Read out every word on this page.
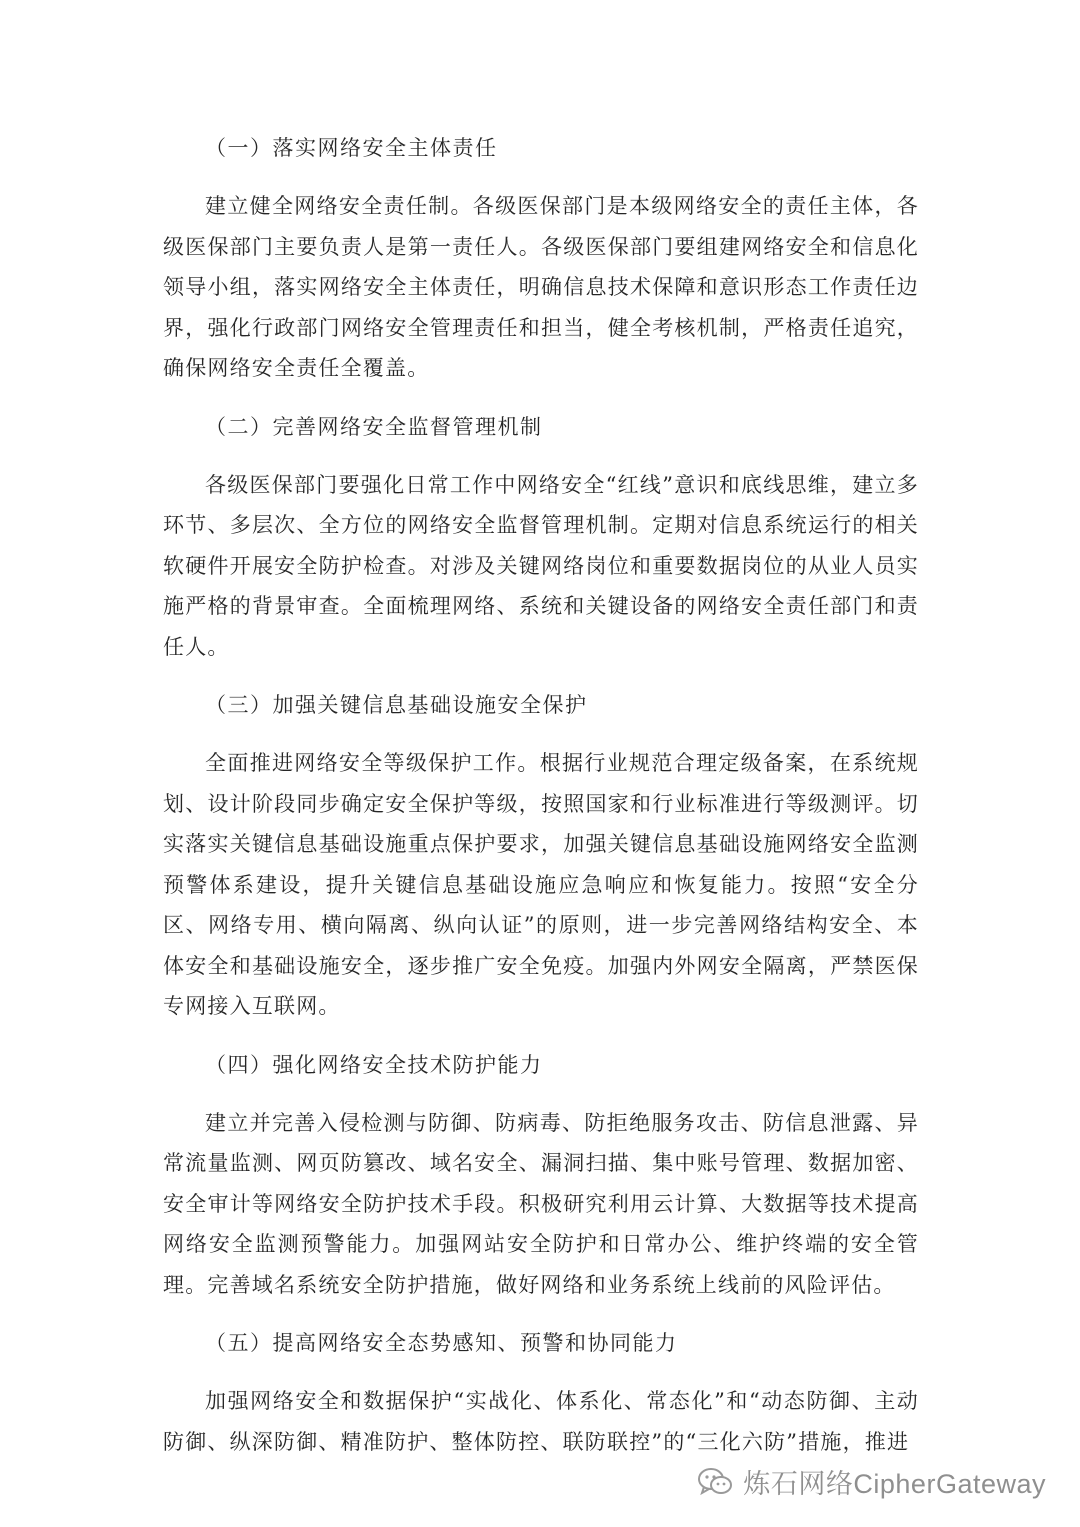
（一）落实网络安全主体责任
建立健全网络安全责任制。各级医保部门是本级网络安全的责任主体，各级医保部门主要负责人是第一责任人。各级医保部门要组建网络安全和信息化领导小组，落实网络安全主体责任，明确信息技术保障和意识形态工作责任边界，强化行政部门网络安全管理责任和担当，健全考核机制，严格责任追究，确保网络安全责任全覆盖。
（二）完善网络安全监督管理机制
各级医保部门要强化日常工作中网络安全“红线”意识和底线思维，建立多环节、多层次、全方位的网络安全监督管理机制。定期对信息系统运行的相关软硬件开展安全防护检查。对涉及关键网络岗位和重要数据岗位的从业人员实施严格的背景审查。全面梳理网络、系统和关键设备的网络安全责任部门和责任人。
（三）加强关键信息基础设施安全保护
全面推进网络安全等级保护工作。根据行业规范合理定级备案，在系统规划、设计阶段同步确定安全保护等级，按照国家和行业标准进行等级测评。切实落实关键信息基础设施重点保护要求，加强关键信息基础设施网络安全监测预警体系建设，提升关键信息基础设施应急响应和恢复能力。按照“安全分区、网络专用、横向隔离、纵向认证”的原则，进一步完善网络结构安全、本体安全和基础设施安全，逐步推广安全免疫。加强内外网安全隔离，严禁医保专网接入互联网。
（四）强化网络安全技术防护能力
建立并完善入侵检测与防御、防病毒、防拒绝服务攻击、防信息泄露、异常流量监测、网页防篡改、域名安全、漏洞扫描、集中账号管理、数据加密、安全审计等网络安全防护技术手段。积极研究利用云计算、大数据等技术提高网络安全监测预警能力。加强网站安全防护和日常办公、维护终端的安全管理。完善域名系统安全防护措施，做好网络和业务系统上线前的风险评估。
（五）提高网络安全态势感知、预警和协同能力
加强网络安全和数据保护“实战化、体系化、常态化”和“动态防御、主动防御、纵深防御、精准防护、整体防控、联防联控”的“三化六防”措施，推进
炼石网络CipherGateway
